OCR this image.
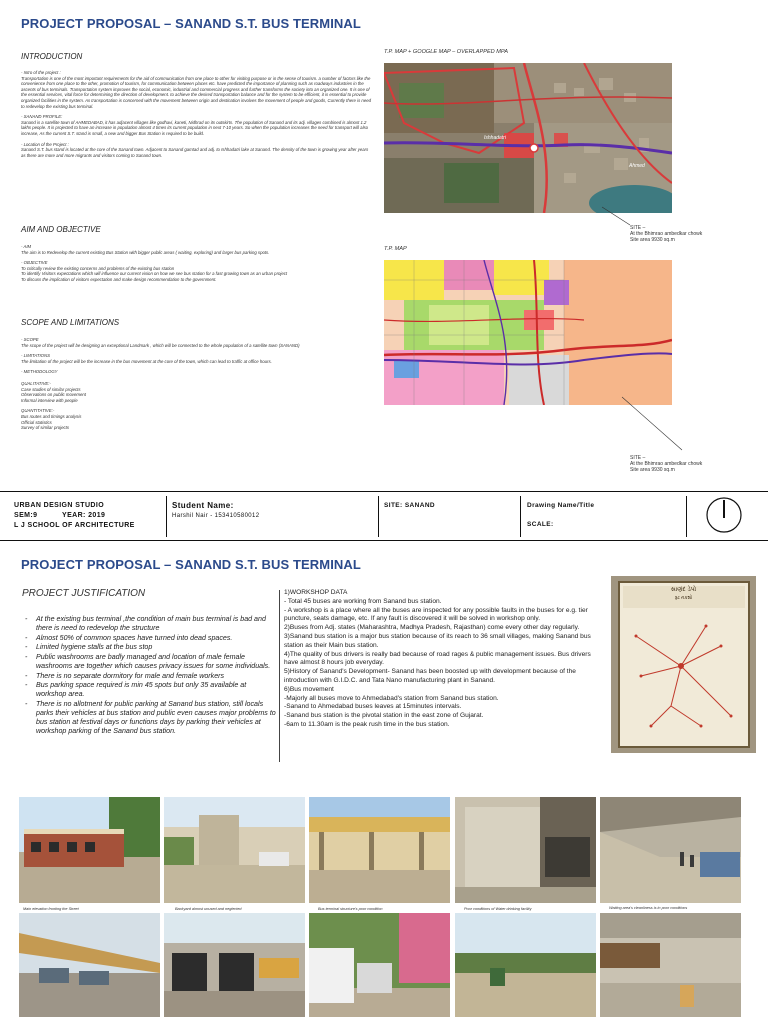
PROJECT PROPOSAL – SANAND S.T. BUS TERMINAL
INTRODUCTION
- Intro of the project :
Transportation is one of the most important requirements for the aid of communication from one place to other for visiting purpose or in the sense of tourism. a number of factors like the convenience from one place to the other, promotion of tourism, for communication between places etc. have predicted the importance of planning such as roadways industries in the ascents of bus terminals. Transportation system improves the social, economic, industrial and commercial progress and further transforms the society into an organized one. It is one of the essential services, vital force for determining the direction of development. to achieve the desired transportation balance and for the system to be efficient, it is essential to provide organized facilities in the system. As transportation is concerned with the movement between origin and destination involves the movement of people and goods, Currently there is need to redevelop the existing bus terminal.
- SANAND PROFILE:
Sanand is a satellite town of AHMEDABAD, it has adjacent villages like godhavi, kaneti, Nidhrad on its outskirts. The population of Sanand and its adj. villages combined is almost 1.2 lakhs people. It is projected to have an increase in population almost 4 times its current population in next 7-10 years. So when the population increases the need for transport will also increase, As the current S.T. stand is small, a new and bigger Bus Station is required to be build.
- Location of the Project :
Sanand S.T. bus stand is located at the core of the Sanand town. Adjacent to Sanand gamtad and adj. to Ishhadatri lake at Sanand. The density of the town is growing year after years as there are more and more migrants and visitors coming to Sanand town.
AIM AND OBJECTIVE
- AIM
The aim is to Redevelop the current existing Bus Station with bigger public areas ( waiting, exploring) and larger bus parking spots.
- OBJECTIVE
To critically review the existing concerns and problems of the existing bus station
To identify Visitors expectations which will influence our current vision on how we see bus station for a fast growing town as an urban project
To discuss the implication of visitors expectation and make design recommendation to the government.
SCOPE AND LIMITATIONS
- SCOPE
The scope of the project will be designing an exceptional Landmark , which will be connected to the whole population of a satellite town (SANAND)
- LIMITATIONS
The limitation of the project will be the increase in the bus movement at the core of the town, which can lead to traffic at office hours.
- METHODOLOGY
QUALITATIVE:-
Case studies of similar projects
Observations on public movement
Informal interview with people
QUANTITATIVE:-
Bus routes and timings analysis
Official statistics
Survey of similar projects
T.P. MAP + GOOGLE MAP – OVERLAPPED MPA
Ishhadatri
Ahmed
SITE –
At the Bhimrao ambedkar chowk
Site area 9930 sq.m
T.P. MAP
SITE –
At the Bhimrao ambedkar chowk
Site area 9930 sq.m
URBAN DESIGN STUDIO
SEM:9	YEAR: 2019
L J SCHOOL OF ARCHITECTURE
Student Name:
Harshil Nair - 153410580012
SITE: SANAND	Drawing Name/Title
SCALE:
PROJECT PROPOSAL – SANAND S.T. BUS TERMINAL
PROJECT JUSTIFICATION
- At the existing bus terminal ,the condition of main bus terminal is bad and there is need to redevelop the structure
- Almost 50% of common spaces have turned into dead spaces.
- Limited hygiene stalls at the bus stop
- Public washrooms are badly managed and location of male female washrooms are together which causes privacy issues for some individuals.
- There is no separate dormitory for male and female workers
- Bus parking space required is min 45 spots but only 35 available at workshop area.
- There is no allotment for public parking at Sanand bus station, still locals parks their vehicles at bus station and public even causes major problems to bus station at festival days or functions days by parking their vehicles at workshop parking of the Sanand bus station.
1)WORKSHOP DATA
- Total 45 buses are working from Sanand bus station.
- A workshop is a place where all the buses are inspected for any possible faults in the buses for e.g. tier puncture, seats damage, etc. If any fault is discovered it will be solved in workshop only.
2)Buses from Adj. states (Maharashtra, Madhya Pradesh, Rajasthan) come every other day regularly.
3)Sanand bus station is a major bus station because of its reach to 36 small villages, making Sanand bus station as their Main bus station.
4)The quality of bus drivers is really bad because of road rages & public management issues. Bus drivers have almost 8 hours job everyday.
5)History of Sanand's Development- Sanand has been boosted up with development because of the introduction with G.I.D.C. and Tata Nano manufacturing plant in Sanand.
6)Bus movement
-Majorly all buses move to Ahmedabad's station from Sanand bus station.
-Sanand to Ahmedabad buses leaves at 15minutes intervals.
-Sanand bus station is the pivotal station in the east zone of Gujarat.
-6am to 11.30am is the peak rush time in the bus station.
સાણંદ ડેપો
રૂટ નકશો
Main elevation fronting the Street	Backyard almost unused and neglected	Bus terminal structure's poor condition	Poor conditions of Water drinking facility	Waiting area's cleanliness is in poor conditions
